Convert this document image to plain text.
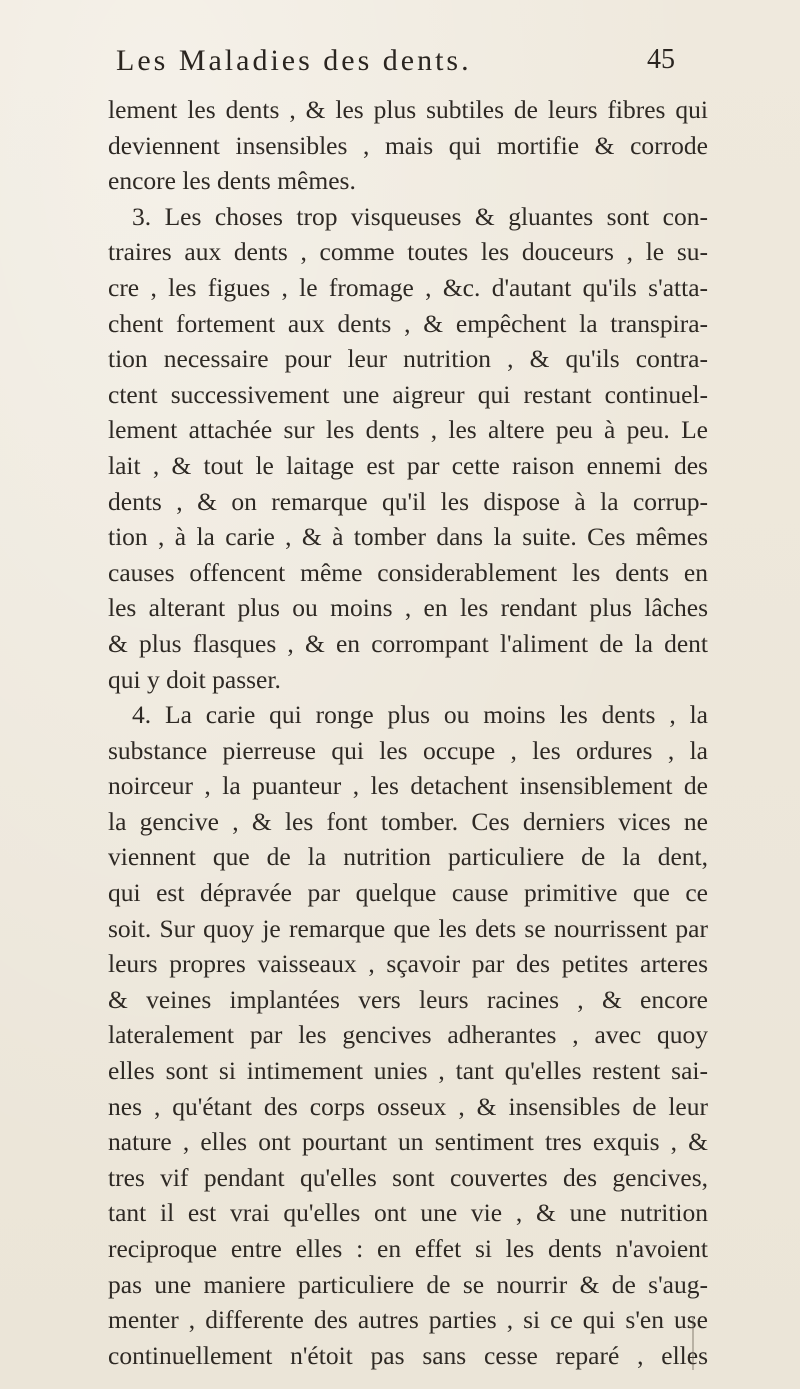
Les Maladies des dents.	45
lement les dents , & les plus subtiles de leurs fibres qui
deviennent insensibles , mais qui mortifie & corrode
encore les dents mêmes.
3. Les choses trop visqueuses & gluantes sont con-
traires aux dents , comme toutes les douceurs , le su-
cre , les figues , le fromage , &c. d'autant qu'ils s'atta-
chent fortement aux dents , & empêchent la transpira-
tion necessaire pour leur nutrition , & qu'ils contra-
ctent successivement une aigreur qui restant continuel-
lement attachée sur les dents , les altere peu à peu. Le
lait , & tout le laitage est par cette raison ennemi des
dents , & on remarque qu'il les dispose à la corrup-
tion , à la carie , & à tomber dans la suite. Ces mêmes
causes offencent même considerablement les dents en
les alterant plus ou moins , en les rendant plus lâches
& plus flasques , & en corrompant l'aliment de la dent
qui y doit passer.
4. La carie qui ronge plus ou moins les dents , la
substance pierreuse qui les occupe , les ordures , la
noirceur , la puanteur , les detachent insensiblement de
la gencive , & les font tomber. Ces derniers vices ne
viennent que de la nutrition particuliere de la dent,
qui est dépravée par quelque cause primitive que ce
soit. Sur quoy je remarque que les dets se nourrissent par
leurs propres vaisseaux , sçavoir par des petites arteres
& veines implantées vers leurs racines , & encore
lateralement par les gencives adherantes , avec quoy
elles sont si intimement unies , tant qu'elles restent sai-
nes , qu'étant des corps osseux , & insensibles de leur
nature , elles ont pourtant un sentiment tres exquis , &
tres vif pendant qu'elles sont couvertes des gencives,
tant il est vrai qu'elles ont une vie , & une nutrition
reciproque entre elles : en effet si les dents n'avoient
pas une maniere particuliere de se nourrir & de s'aug-
menter , differente des autres parties , si ce qui s'en use
continuellement n'étoit pas sans cesse reparé , elles
